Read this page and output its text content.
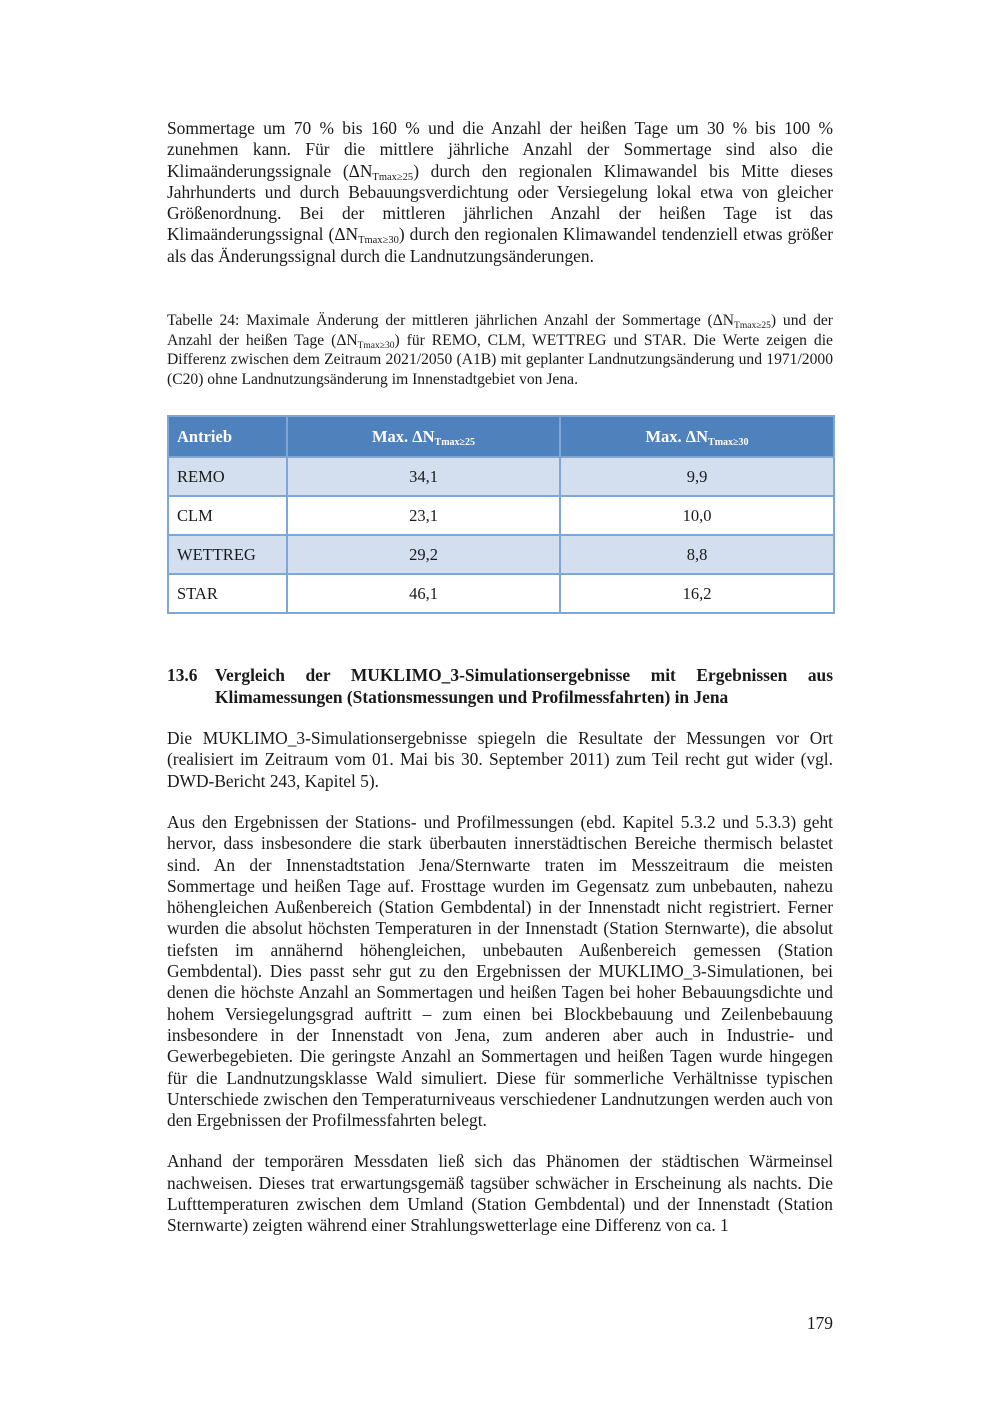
Sommertage um 70 % bis 160 % und die Anzahl der heißen Tage um 30 % bis 100 % zunehmen kann. Für die mittlere jährliche Anzahl der Sommertage sind also die Klimaänderungssignale $(\Delta N_{Tmax\ge 25})$ durch den regionalen Klimawandel bis Mitte dieses Jahrhunderts und durch Bebauungsverdichtung oder Versiegelung lokal etwa von gleicher Größenordnung. Bei der mittleren jährlichen Anzahl der heißen Tage ist das Klimaänderungssignal $(\Delta N_{Tmax\ge 30})$ durch den regionalen Klimawandel tendenziell etwas größer als das Änderungssignal durch die Landnutzungsänderungen.

Tabelle 24: Maximale Änderung der mittleren jährlichen Anzahl der Sommertage $(\Delta N_{Tmax\ge 25})$ und der Anzahl der heißen Tage $(\Delta N_{Tmax\ge 30})$ für REMO, CLM, WETTREG und STAR. Die Werte zeigen die Differenz zwischen dem Zeitraum 2021/2050 (A1B) mit geplanter Landnutzungsänderung und 1971/2000 (C20) ohne Landnutzungsänderung im Innenstadtgebiet von Jena.

Antrieb	Max. $\Delta N_{Tmax\ge 25}$	Max. $\Delta N_{Tmax\ge 30}$
REMO	34,1	9,9
CLM	23,1	10,0
WETTREG	29,2	8,8
STAR	46,1	16,2
13.6	Vergleich der MUKLIMO_3-Simulationsergebnisse mit Ergebnissen aus Klimamessungen (Stationsmessungen und Profilmessfahrten) in Jena

Die MUKLIMO_3-Simulationsergebnisse spiegeln die Resultate der Messungen vor Ort (realisiert im Zeitraum vom 01. Mai bis 30. September 2011) zum Teil recht gut wider (vgl. DWD-Bericht 243, Kapitel 5).

Aus den Ergebnissen der Stations- und Profilmessungen (ebd. Kapitel 5.3.2 und 5.3.3) geht hervor, dass insbesondere die stark überbauten innerstädtischen Bereiche thermisch belastet sind. An der Innenstadtstation Jena/Sternwarte traten im Messzeitraum die meisten Sommertage und heißen Tage auf. Frosttage wurden im Gegensatz zum unbebauten, nahezu höhengleichen Außenbereich (Station Gembdental) in der Innenstadt nicht registriert. Ferner wurden die absolut höchsten Temperaturen in der Innenstadt (Station Sternwarte), die absolut tiefsten im annähernd höhengleichen, unbebauten Außenbereich gemessen (Station Gembdental). Dies passt sehr gut zu den Ergebnissen der MUKLIMO_3-Simulationen, bei denen die höchste Anzahl an Sommertagen und heißen Tagen bei hoher Bebauungsdichte und hohem Versiegelungsgrad auftritt – zum einen bei Blockbebauung und Zeilenbebauung insbesondere in der Innenstadt von Jena, zum anderen aber auch in Industrie- und Gewerbegebieten. Die geringste Anzahl an Sommertagen und heißen Tagen wurde hingegen für die Landnutzungsklasse Wald simuliert. Diese für sommerliche Verhältnisse typischen Unterschiede zwischen den Temperaturniveaus verschiedener Landnutzungen werden auch von den Ergebnissen der Profilmessfahrten belegt.

Anhand der temporären Messdaten ließ sich das Phänomen der städtischen Wärmeinsel nachweisen. Dieses trat erwartungsgemäß tagsüber schwächer in Erscheinung als nachts. Die Lufttemperaturen zwischen dem Umland (Station Gembdental) und der Innenstadt (Station Sternwarte) zeigten während einer Strahlungswetterlage eine Differenz von ca. 1

179
